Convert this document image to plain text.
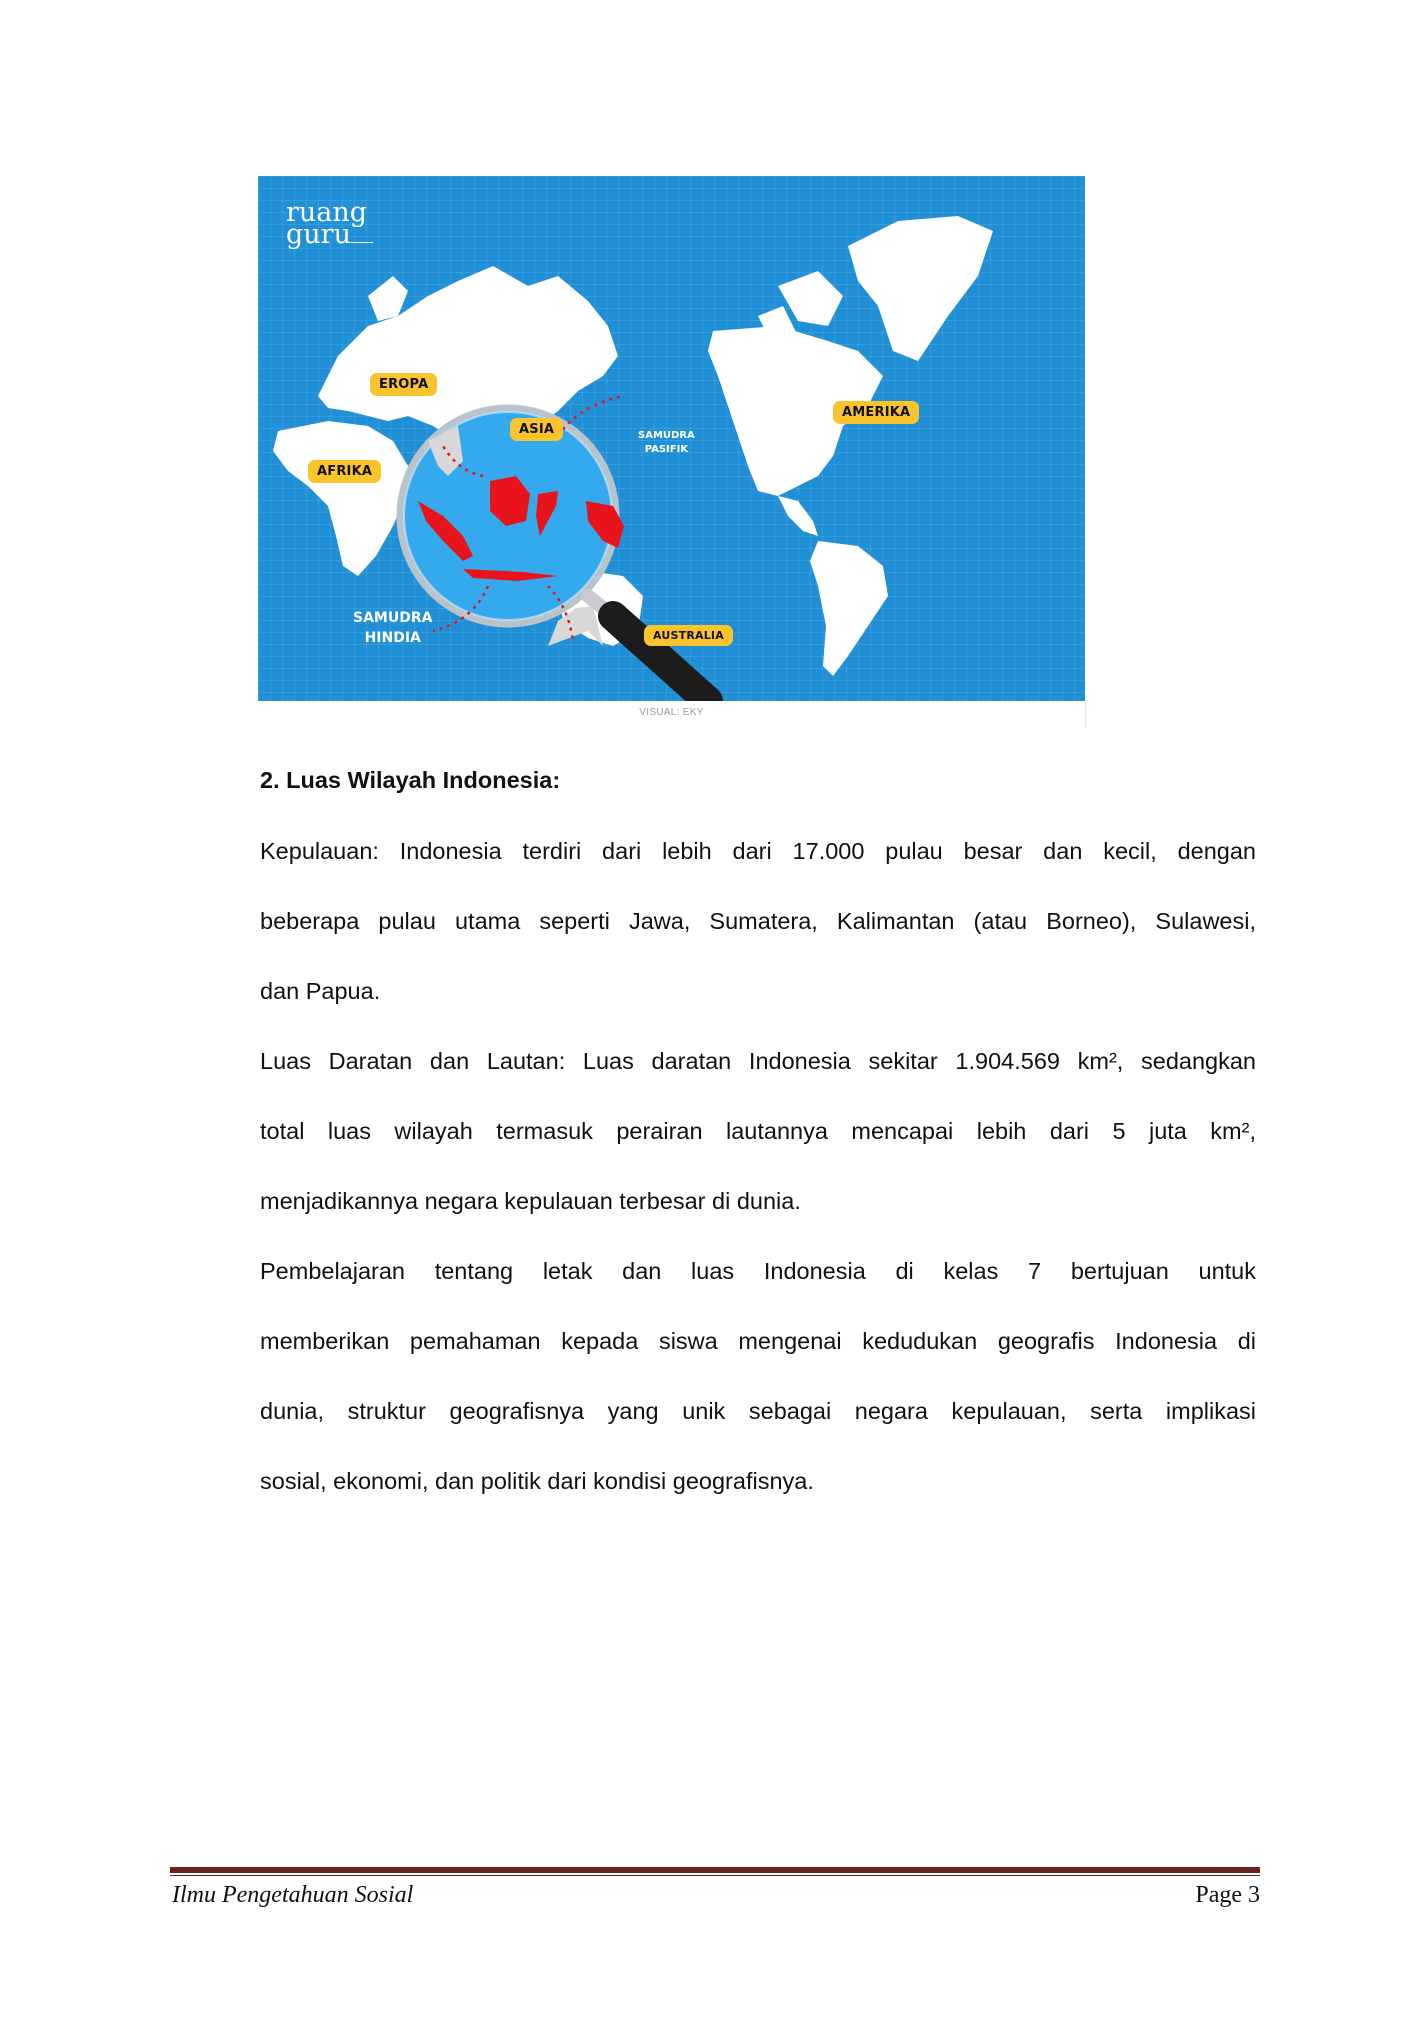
ruang
guru
EROPA
ASIA
AFRIKA
AMERIKA
AUSTRALIA
SAMUDRA
PASIFIK
SAMUDRA
HINDIA
VISUAL: EKY
2. Luas Wilayah Indonesia:
Kepulauan: Indonesia terdiri dari lebih dari 17.000 pulau besar dan kecil, dengan
beberapa pulau utama seperti Jawa, Sumatera, Kalimantan (atau Borneo), Sulawesi,
dan Papua.
Luas Daratan dan Lautan: Luas daratan Indonesia sekitar 1.904.569 km², sedangkan
total luas wilayah termasuk perairan lautannya mencapai lebih dari 5 juta km²,
menjadikannya negara kepulauan terbesar di dunia.
Pembelajaran tentang letak dan luas Indonesia di kelas 7 bertujuan untuk
memberikan pemahaman kepada siswa mengenai kedudukan geografis Indonesia di
dunia, struktur geografisnya yang unik sebagai negara kepulauan, serta implikasi
sosial, ekonomi, dan politik dari kondisi geografisnya.
Ilmu Pengetahuan Sosial	Page 3
